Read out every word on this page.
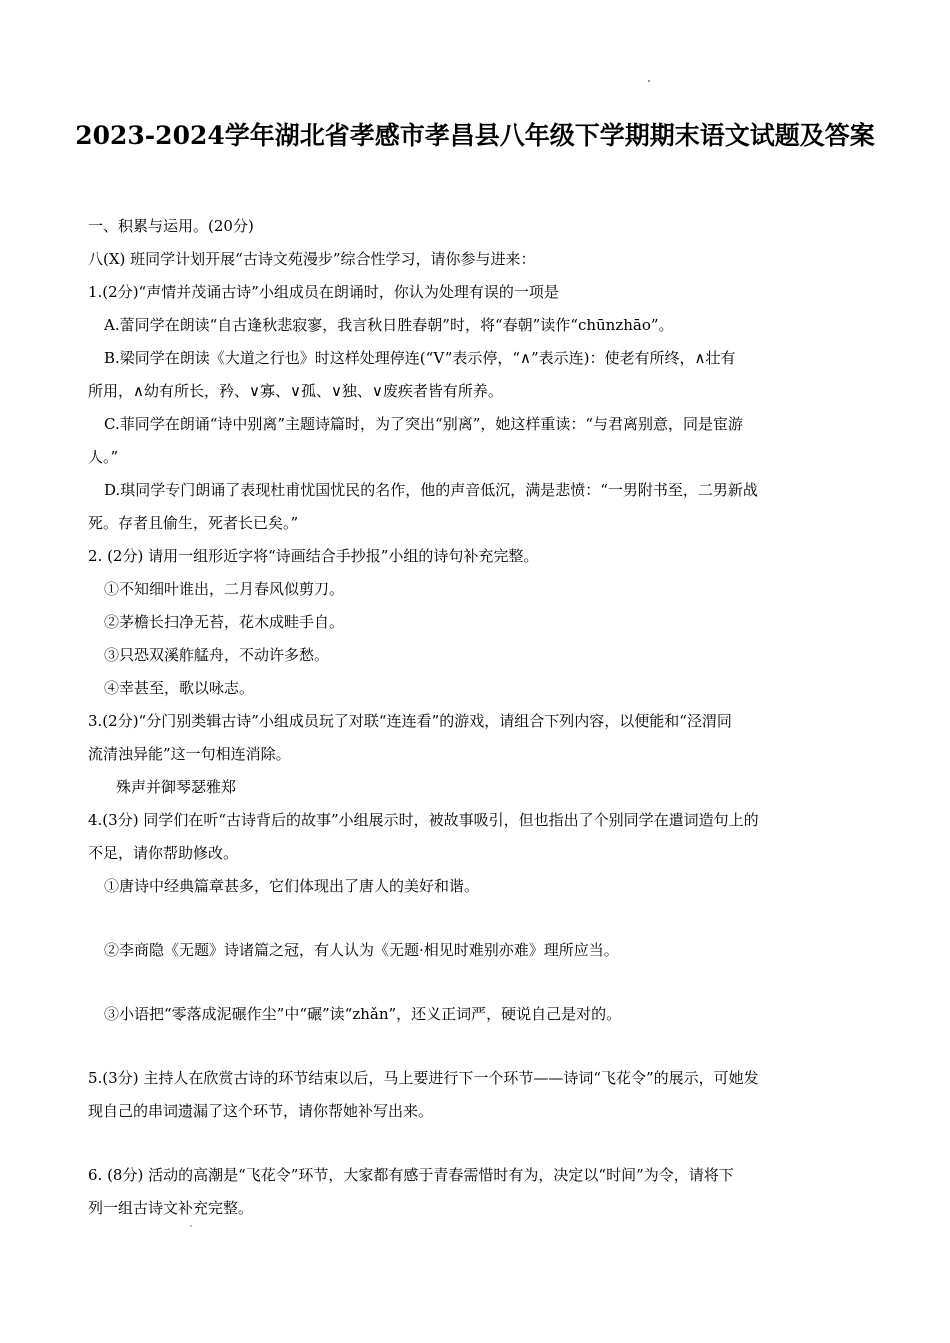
2023-2024学年湖北省孝感市孝昌县八年级下学期期末语文试题及答案
一、积累与运用。(20分)
八(X) 班同学计划开展“古诗文苑漫步”综合性学习，请你参与进来：
1.(2分)“声情并茂诵古诗”小组成员在朗诵时，你认为处理有误的一项是
A.蕾同学在朗读“自古逢秋悲寂寥，我言秋日胜春朝”时，将“春朝”读作“chūnzhāo”。
B.梁同学在朗读《大道之行也》时这样处理停连(“V”表示停，“∧”表示连)：使老有所终，∧壮有
所用，∧幼有所长，矜、∨寡、∨孤、∨独、∨废疾者皆有所养。
C.菲同学在朗诵“诗中别离”主题诗篇时，为了突出“别离”，她这样重读：“与君离别意，同是宦游
人。”
D.琪同学专门朗诵了表现杜甫忧国忧民的名作，他的声音低沉，满是悲愤：“一男附书至，二男新战
死。存者且偷生，死者长已矣。”
2. (2分) 请用一组形近字将“诗画结合手抄报”小组的诗句补充完整。
①不知细叶谁出，二月春风似剪刀。
②茅檐长扫净无苔，花木成畦手自。
③只恐双溪舴艋舟，不动许多愁。
④幸甚至，歌以咏志。
3.(2分)“分门别类辑古诗”小组成员玩了对联“连连看”的游戏，请组合下列内容，以便能和“泾渭同
流清浊异能”这一句相连消除。
殊声并御琴瑟雅郑
4.(3分) 同学们在听“古诗背后的故事”小组展示时，被故事吸引，但也指出了个别同学在遣词造句上的
不足，请你帮助修改。
①唐诗中经典篇章甚多，它们体现出了唐人的美好和谐。
②李商隐《无题》诗诸篇之冠，有人认为《无题·相见时难别亦难》理所应当。
③小语把“零落成泥碾作尘”中“碾”读“zhǎn”，还义正词严，硬说自己是对的。
5.(3分) 主持人在欣赏古诗的环节结束以后，马上要进行下一个环节——诗词“飞花令”的展示，可她发
现自己的串词遗漏了这个环节，请你帮她补写出来。
6. (8分) 活动的高潮是“飞花令”环节，大家都有感于青春需惜时有为，决定以“时间”为令，请将下
列一组古诗文补充完整。
